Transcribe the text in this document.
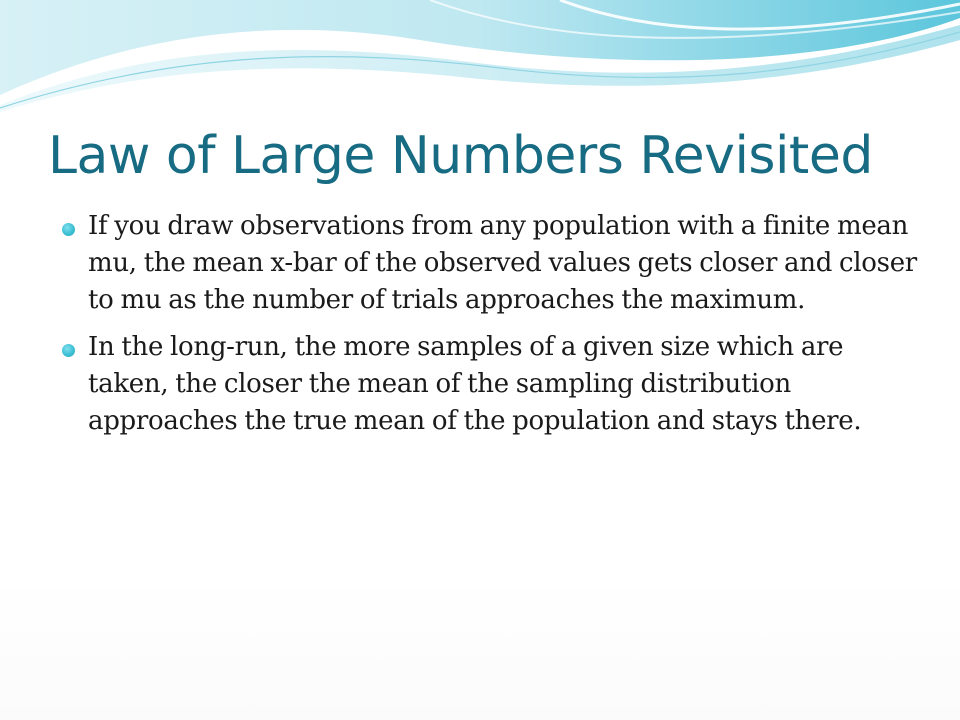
Law of Large Numbers Revisited
If you draw observations from any population with a finite mean mu, the mean x-bar of the observed values gets closer and closer to mu as the number of trials approaches the maximum.
In the long-run, the more samples of a given size which are taken, the closer the mean of the sampling distribution approaches the true mean of the population and stays there.
